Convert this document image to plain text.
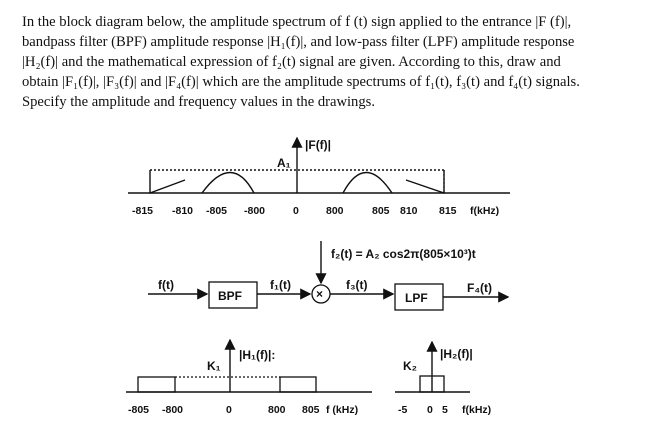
In the block diagram below, the amplitude spectrum of f (t) sign applied to the entrance |F (f)|,

bandpass filter (BPF) amplitude response |H₁(f)|, and low-pass filter (LPF) amplitude response

|H₂(f)| and the mathematical expression of f₂(t) signal are given. According to this, draw and

obtain |F₁(f)|, |F₃(f)| and |F₄(f)| which are the amplitude spectrums of f₁(t), f₃(t) and f₄(t) signals.

Specify the amplitude and frequency values in the drawings.

A₁
|F(f)|
-815 -810 -805 -800	0	800	805 810 815 f(kHz)
f(t)
BPF
f₁(t)
×
f₂(t) = A₂ cos2π(805×10³)t
f₃(t)
LPF
F₄(t)
K₁
|H₁(f)|:
-805 -800	0	800 805 f (kHz)
K₂
|H₂(f)|
-5 0 5 f(kHz)
